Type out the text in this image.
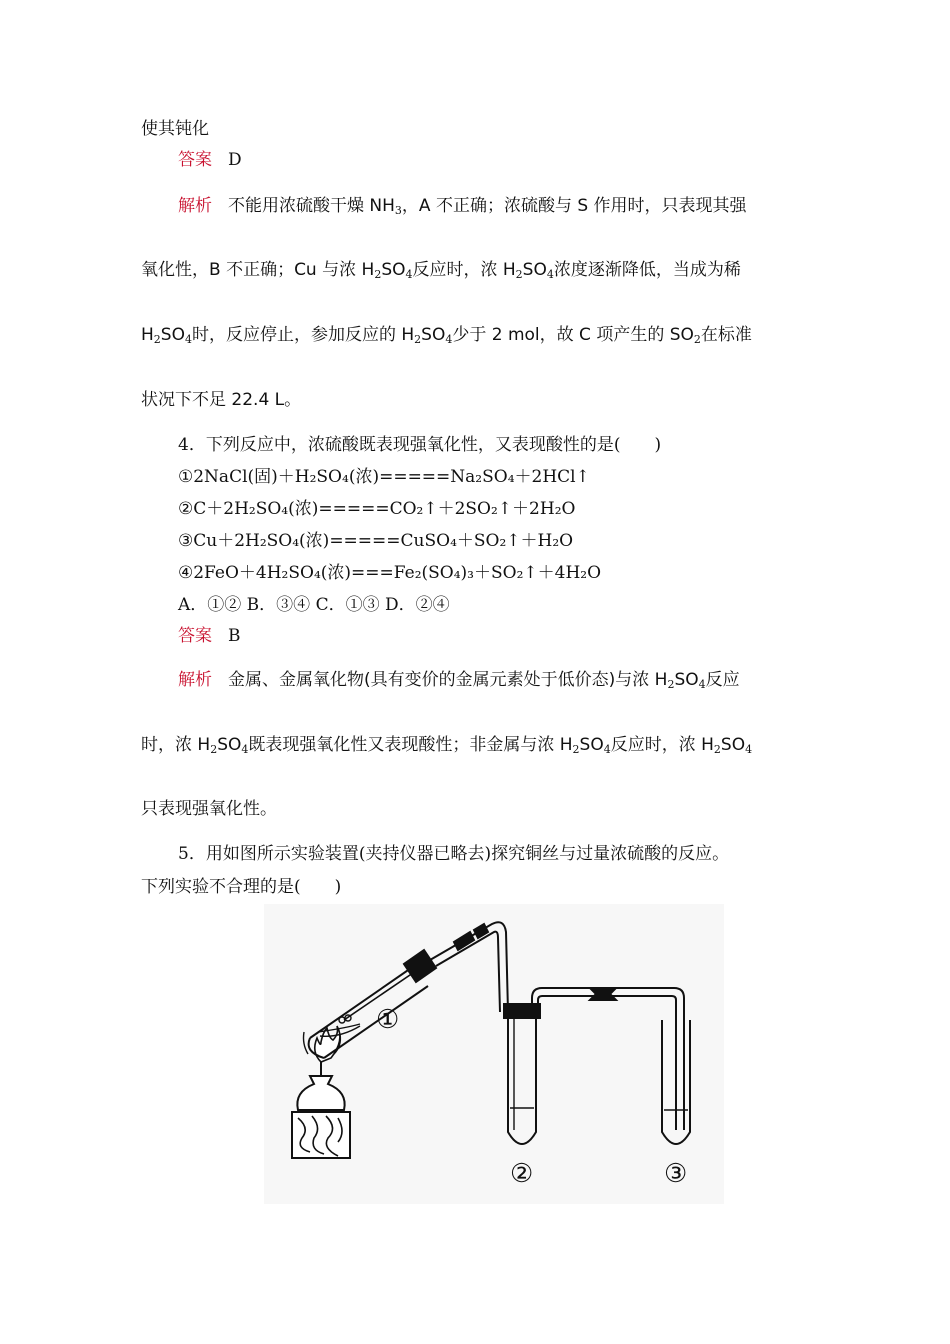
使其钝化
答案 D
解析 不能用浓硫酸干燥 $NH_3$，A 不正确；浓硫酸与 S 作用时，只表现其强
氧化性，B 不正确；Cu 与浓 $H_2SO_4$反应时，浓 $H_2SO_4$浓度逐渐降低，当成为稀
$H_2SO_4$时，反应停止，参加反应的 $H_2SO_4$少于 2 mol，故 C 项产生的 $SO_2$在标准
状况下不足 22.4 L。
4．下列反应中，浓硫酸既表现强氧化性，又表现酸性的是(　　)
①2NaCl(固)＋H₂SO₄(浓)=====Na₂SO₄＋2HCl↑
②C＋2H₂SO₄(浓)=====CO₂↑＋2SO₂↑＋2H₂O
③Cu＋2H₂SO₄(浓)=====CuSO₄＋SO₂↑＋H₂O
④2FeO＋4H₂SO₄(浓)===Fe₂(SO₄)₃＋SO₂↑＋4H₂O
A．①② B．③④ C．①③ D．②④
答案 B
解析 金属、金属氧化物(具有变价的金属元素处于低价态)与浓 $H_2SO_4$反应
时，浓 $H_2SO_4$既表现强氧化性又表现酸性；非金属与浓 $H_2SO_4$反应时，浓 $H_2SO_4$
只表现强氧化性。
5．用如图所示实验装置(夹持仪器已略去)探究铜丝与过量浓硫酸的反应。
下列实验不合理的是(　　)
①
②	③
